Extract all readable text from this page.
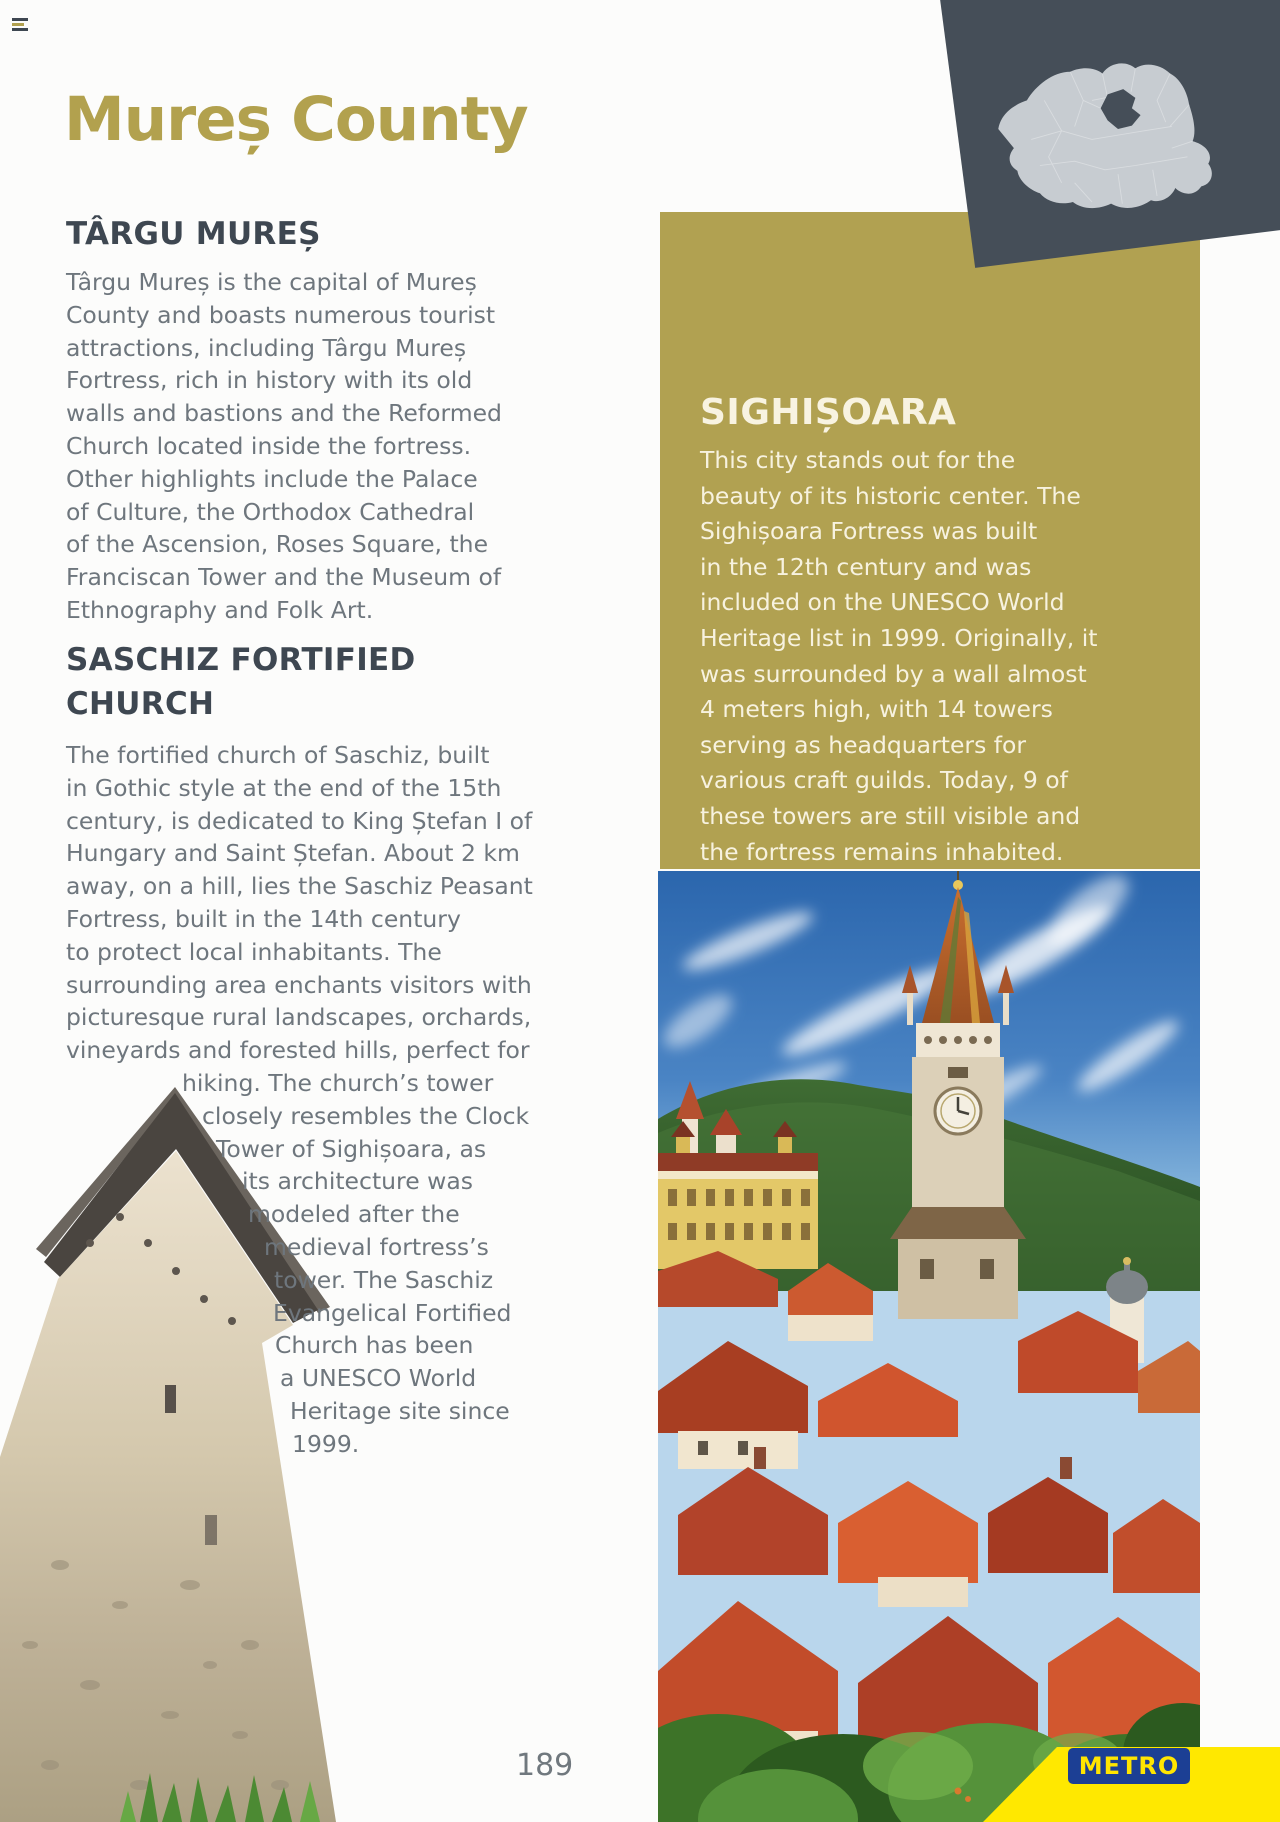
Mureș County
TÂRGU MUREȘ
Târgu Mureș is the capital of Mureș
County and boasts numerous tourist
attractions, including Târgu Mureș
Fortress, rich in history with its old
walls and bastions and the Reformed
Church located inside the fortress.
Other highlights include the Palace
of Culture, the Orthodox Cathedral
of the Ascension, Roses Square, the
Franciscan Tower and the Museum of
Ethnography and Folk Art.
SASCHIZ FORTIFIED CHURCH
The fortified church of Saschiz, built
in Gothic style at the end of the 15th
century, is dedicated to King Ștefan I of
Hungary and Saint Ștefan. About 2 km
away, on a hill, lies the Saschiz Peasant
Fortress, built in the 14th century
to protect local inhabitants. The
surrounding area enchants visitors with
picturesque rural landscapes, orchards,
vineyards and forested hills, perfect for
hiking. The church’s tower
closely resembles the Clock
Tower of Sighișoara, as
its architecture was
modeled after the
medieval fortress’s
tower. The Saschiz
Evangelical Fortified
Church has been
a UNESCO World
Heritage site since
1999.
SIGHIȘOARA
This city stands out for the
beauty of its historic center. The
Sighișoara Fortress was built
in the 12th century and was
included on the UNESCO World
Heritage list in 1999. Originally, it
was surrounded by a wall almost
4 meters high, with 14 towers
serving as headquarters for
various craft guilds. Today, 9 of
these towers are still visible and
the fortress remains inhabited.
189	METRO
